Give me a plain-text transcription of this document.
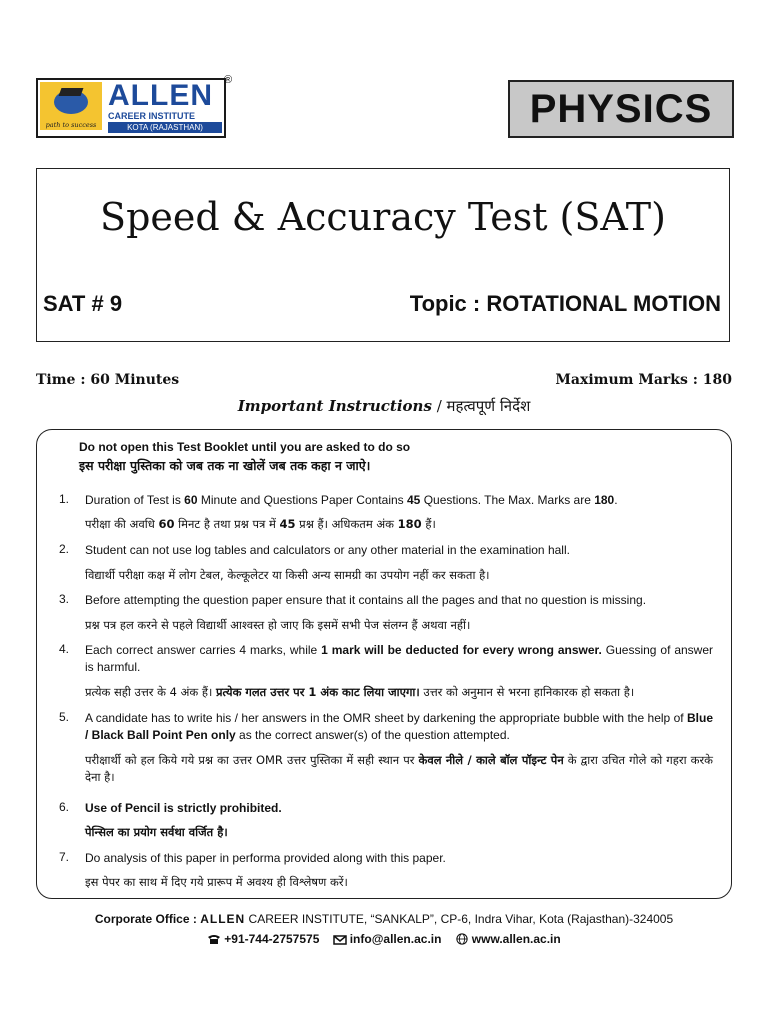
path to success
ALLEN
CAREER INSTITUTE
KOTA (RAJASTHAN)
®
PHYSICS
Speed & Accuracy Test (SAT)
SAT # 9	Topic : ROTATIONAL MOTION
Time : 60 Minutes	Maximum Marks : 180
Important Instructions / महत्वपूर्ण निर्देश
Do not open this Test Booklet until you are asked to do so
इस परीक्षा पुस्तिका को जब तक ना खोलें जब तक कहा न जाऐ।
1. Duration of Test is 60 Minute and Questions Paper Contains 45 Questions. The Max. Marks are 180.
परीक्षा की अवधि 60 मिनट है तथा प्रश्न पत्र में 45 प्रश्न हैं। अधिकतम अंक 180 हैं।
2. Student can not use log tables and calculators or any other material in the examination hall.
विद्यार्थी परीक्षा कक्ष में लोग टेबल, केल्कूलेटर या किसी अन्य सामग्री का उपयोग नहीं कर सकता है।
3. Before attempting the question paper ensure that it contains all the pages and that no question is missing.
प्रश्न पत्र हल करने से पहले विद्यार्थी आश्वस्त हो जाए कि इसमें सभी पेज संलग्न हैं अथवा नहीं।
4. Each correct answer carries 4 marks, while 1 mark will be deducted for every wrong answer. Guessing of answer is harmful.
प्रत्येक सही उत्तर के 4 अंक हैं। प्रत्येक गलत उत्तर पर 1 अंक काट लिया जाएगा। उत्तर को अनुमान से भरना हानिकारक हो सकता है।
5. A candidate has to write his / her answers in the OMR sheet by darkening the appropriate bubble with the help of Blue / Black Ball Point Pen only as the correct answer(s) of the question attempted.
परीक्षार्थी को हल किये गये प्रश्न का उत्तर OMR उत्तर पुस्तिका में सही स्थान पर केवल नीले / काले बॉल पॉइन्ट पेन के द्वारा उचित गोले को गहरा करके देना है।
6. Use of Pencil is strictly prohibited.
पेन्सिल का प्रयोग सर्वथा वर्जित है।
7. Do analysis of this paper in performa provided along with this paper.
इस पेपर का साथ में दिए गये प्रारूप में अवश्य ही विश्लेषण करें।
Corporate Office : ALLEN CAREER INSTITUTE, “SANKALP”, CP-6, Indra Vihar, Kota (Rajasthan)-324005
+91-744-2757575	info@allen.ac.in	www.allen.ac.in
